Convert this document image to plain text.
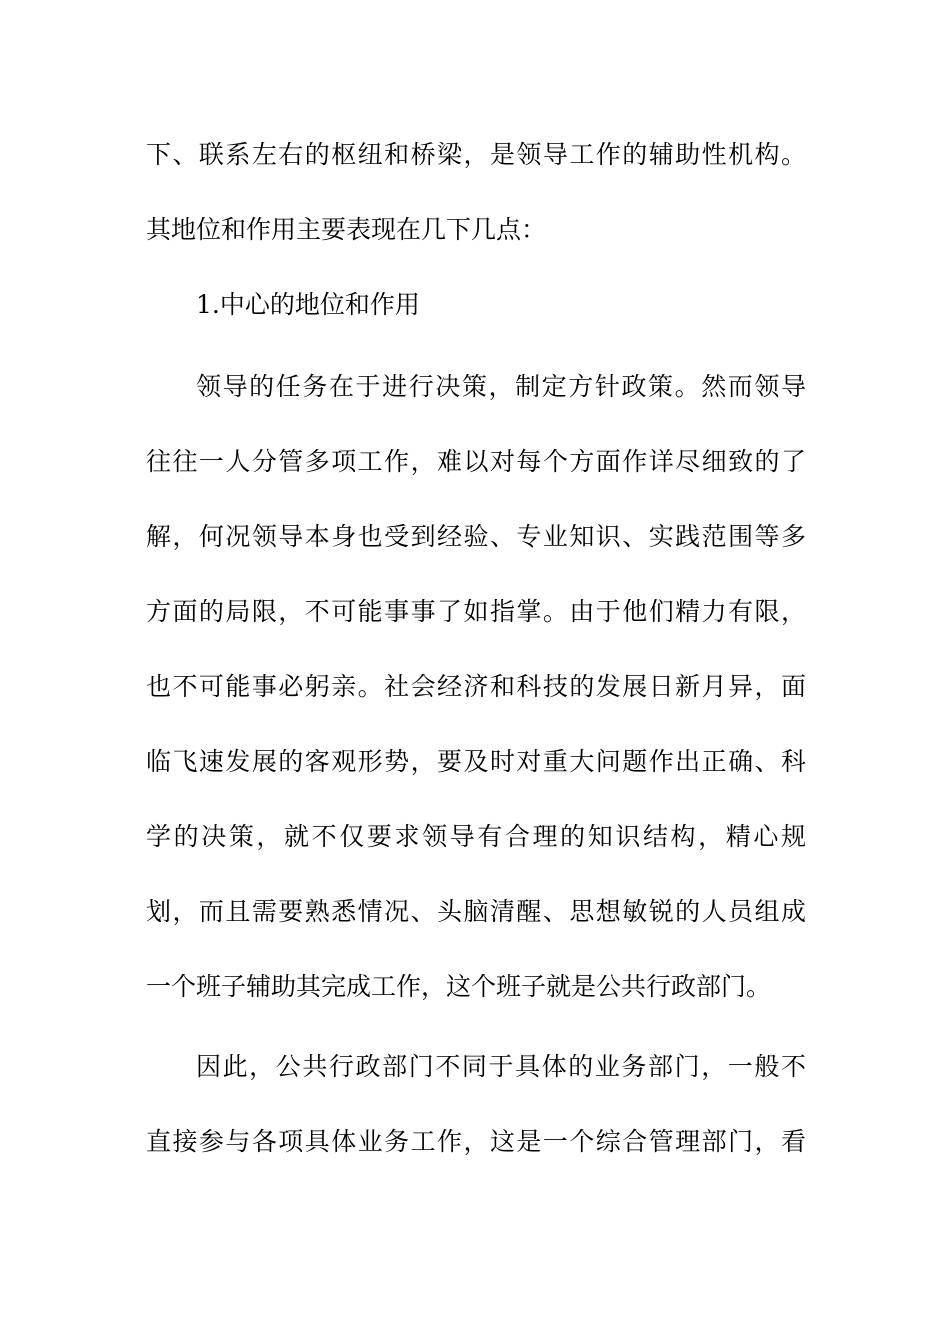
下、联系左右的枢纽和桥梁，是领导工作的辅助性机构。
其地位和作用主要表现在几下几点：
1.中心的地位和作用
领导的任务在于进行决策，制定方针政策。然而领导
往往一人分管多项工作，难以对每个方面作详尽细致的了
解，何况领导本身也受到经验、专业知识、实践范围等多
方面的局限，不可能事事了如指掌。由于他们精力有限，
也不可能事必躬亲。社会经济和科技的发展日新月异，面
临飞速发展的客观形势，要及时对重大问题作出正确、科
学的决策，就不仅要求领导有合理的知识结构，精心规
划，而且需要熟悉情况、头脑清醒、思想敏锐的人员组成
一个班子辅助其完成工作，这个班子就是公共行政部门。
因此，公共行政部门不同于具体的业务部门，一般不
直接参与各项具体业务工作，这是一个综合管理部门，看
